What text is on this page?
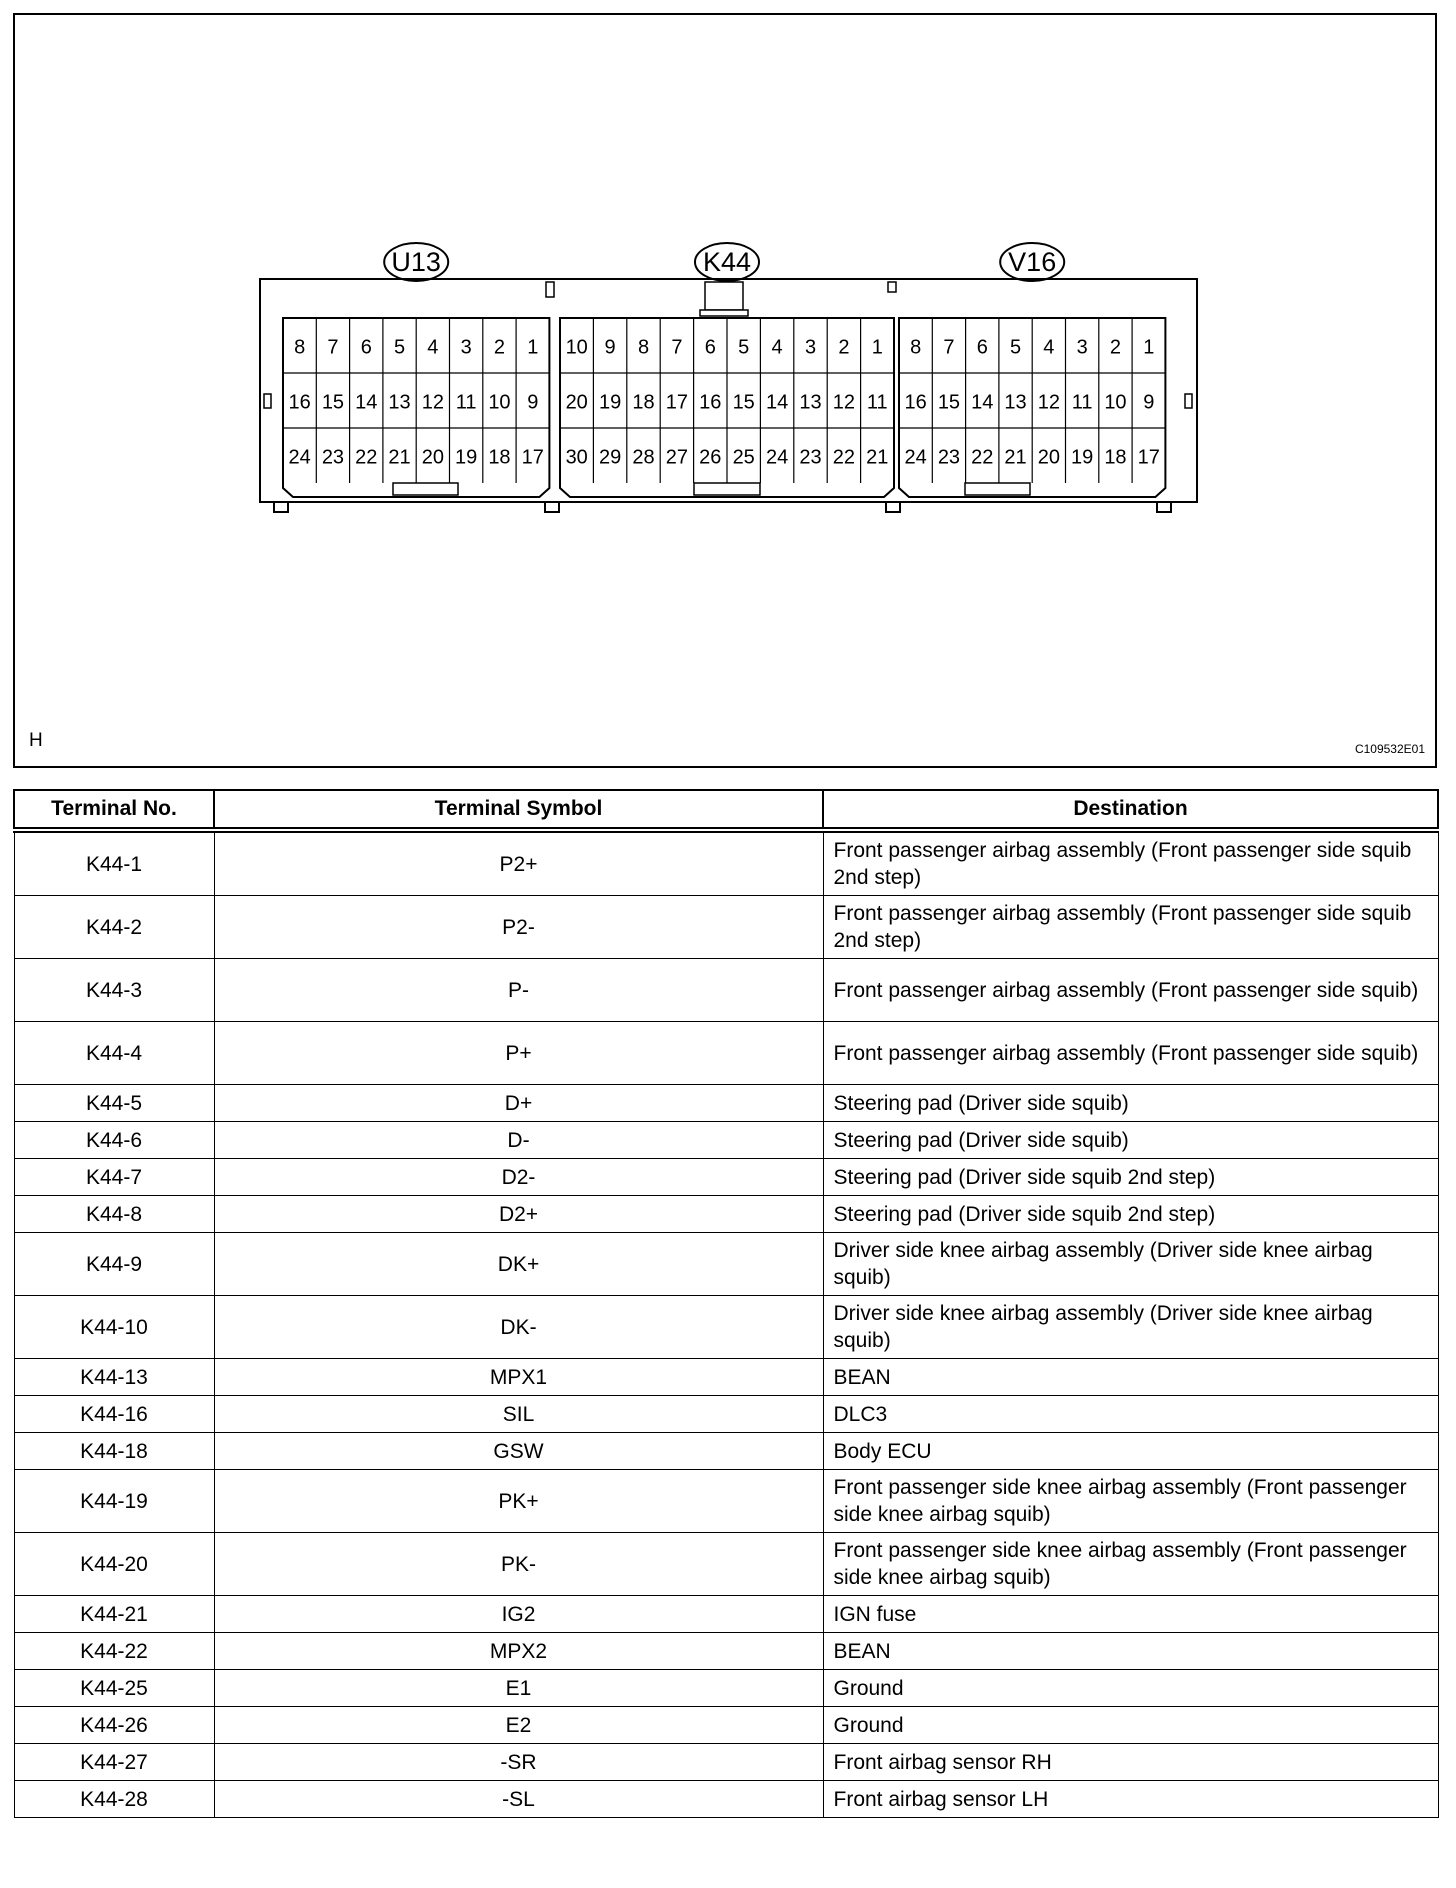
8 7 6 5 4 3 2 1
16 15 14 13 12 11 10 9
24 23 22 21 20 19 18 17
U13
10 9 8 7 6 5 4 3 2 1
20 19 18 17 16 15 14 13 12 11
30 29 28 27 26 25 24 23 22 21
K44
8 7 6 5 4 3 2 1
16 15 14 13 12 11 10 9
24 23 22 21 20 19 18 17
V16
H	C109532E01
Terminal No.	Terminal Symbol	Destination
K44-1	P2+	Front passenger airbag assembly (Front passenger side squib 2nd step)
K44-2	P2-	Front passenger airbag assembly (Front passenger side squib 2nd step)
K44-3	P-	Front passenger airbag assembly (Front passenger side squib)
K44-4	P+	Front passenger airbag assembly (Front passenger side squib)
K44-5	D+	Steering pad (Driver side squib)
K44-6	D-	Steering pad (Driver side squib)
K44-7	D2-	Steering pad (Driver side squib 2nd step)
K44-8	D2+	Steering pad (Driver side squib 2nd step)
K44-9	DK+	Driver side knee airbag assembly (Driver side knee airbag squib)
K44-10	DK-	Driver side knee airbag assembly (Driver side knee airbag squib)
K44-13	MPX1	BEAN
K44-16	SIL	DLC3
K44-18	GSW	Body ECU
K44-19	PK+	Front passenger side knee airbag assembly (Front passenger side knee airbag squib)
K44-20	PK-	Front passenger side knee airbag assembly (Front passenger side knee airbag squib)
K44-21	IG2	IGN fuse
K44-22	MPX2	BEAN
K44-25	E1	Ground
K44-26	E2	Ground
K44-27	-SR	Front airbag sensor RH
K44-28	-SL	Front airbag sensor LH
